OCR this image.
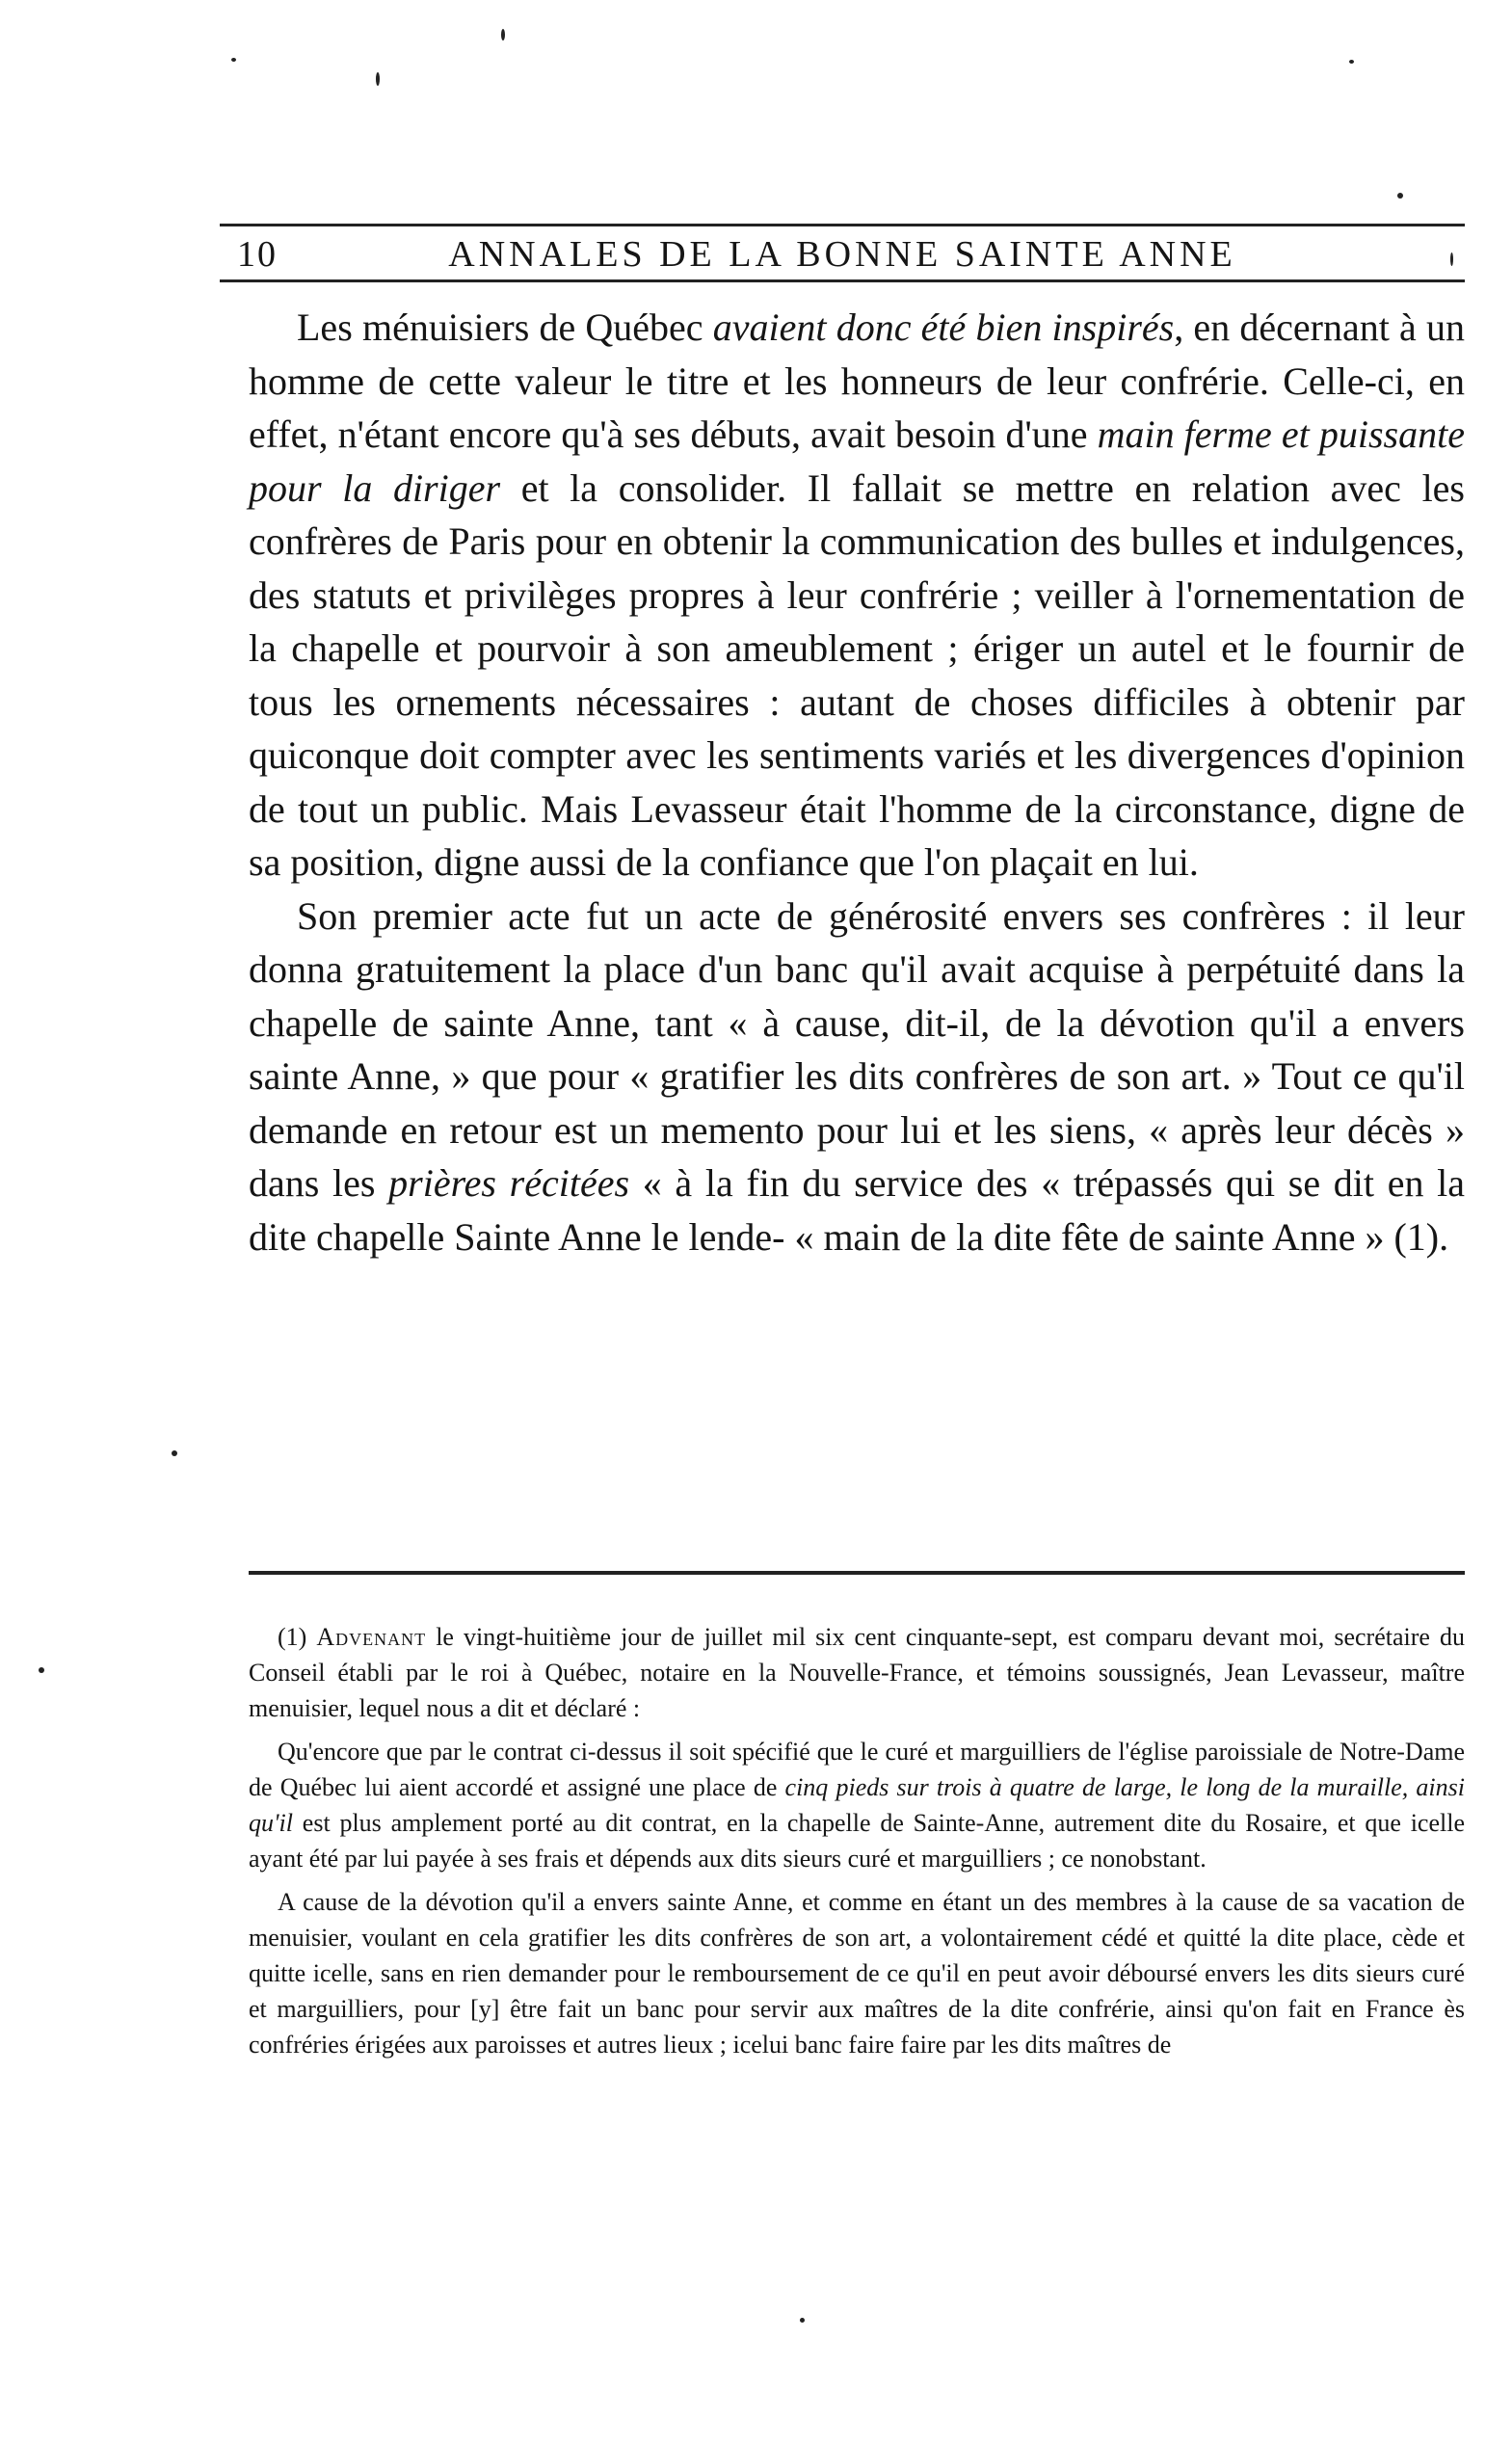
10	ANNALES DE LA BONNE SAINTE ANNE

Les ménuisiers de Québec avaient donc été bien inspirés, en décernant à un homme de cette valeur le titre et les honneurs de leur confrérie. Celle-ci, en effet, n'étant encore qu'à ses débuts, avait besoin d'une main ferme et puissante pour la diriger et la consolider. Il fallait se mettre en relation avec les confrères de Paris pour en obtenir la communication des bulles et indulgences, des statuts et privilèges propres à leur confrérie ; veiller à l'ornementation de la chapelle et pourvoir à son ameublement ; ériger un autel et le fournir de tous les ornements nécessaires : autant de choses difficiles à obtenir par quiconque doit compter avec les sentiments variés et les divergences d'opinion de tout un public. Mais Levasseur était l'homme de la circonstance, digne de sa position, digne aussi de la confiance que l'on plaçait en lui.

Son premier acte fut un acte de générosité envers ses confrères : il leur donna gratuitement la place d'un banc qu'il avait acquise à perpétuité dans la chapelle de sainte Anne, tant « à cause, dit-il, de la dévotion qu'il a envers sainte Anne, » que pour « gratifier les dits confrères de son art. » Tout ce qu'il demande en retour est un memento pour lui et les siens, « après leur décès » dans les prières récitées « à la fin du service des « trépassés qui se dit en la dite chapelle Sainte Anne le lende- « main de la dite fête de sainte Anne » (1).

(1) Advenant le vingt-huitième jour de juillet mil six cent cinquante-sept, est comparu devant moi, secrétaire du Conseil établi par le roi à Québec, notaire en la Nouvelle-France, et témoins soussignés, Jean Levasseur, maître menuisier, lequel nous a dit et déclaré :

Qu'encore que par le contrat ci-dessus il soit spécifié que le curé et marguilliers de l'église paroissiale de Notre-Dame de Québec lui aient accordé et assigné une place de cinq pieds sur trois à quatre de large, le long de la muraille, ainsi qu'il est plus amplement porté au dit contrat, en la chapelle de Sainte-Anne, autrement dite du Rosaire, et que icelle ayant été par lui payée à ses frais et dépends aux dits sieurs curé et marguilliers ; ce nonobstant.

A cause de la dévotion qu'il a envers sainte Anne, et comme en étant un des membres à la cause de sa vacation de menuisier, voulant en cela gratifier les dits confrères de son art, a volontairement cédé et quitté la dite place, cède et quitte icelle, sans en rien demander pour le remboursement de ce qu'il en peut avoir déboursé envers les dits sieurs curé et marguilliers, pour [y] être fait un banc pour servir aux maîtres de la dite confrérie, ainsi qu'on fait en France ès confréries érigées aux paroisses et autres lieux ; icelui banc faire faire par les dits maîtres de
